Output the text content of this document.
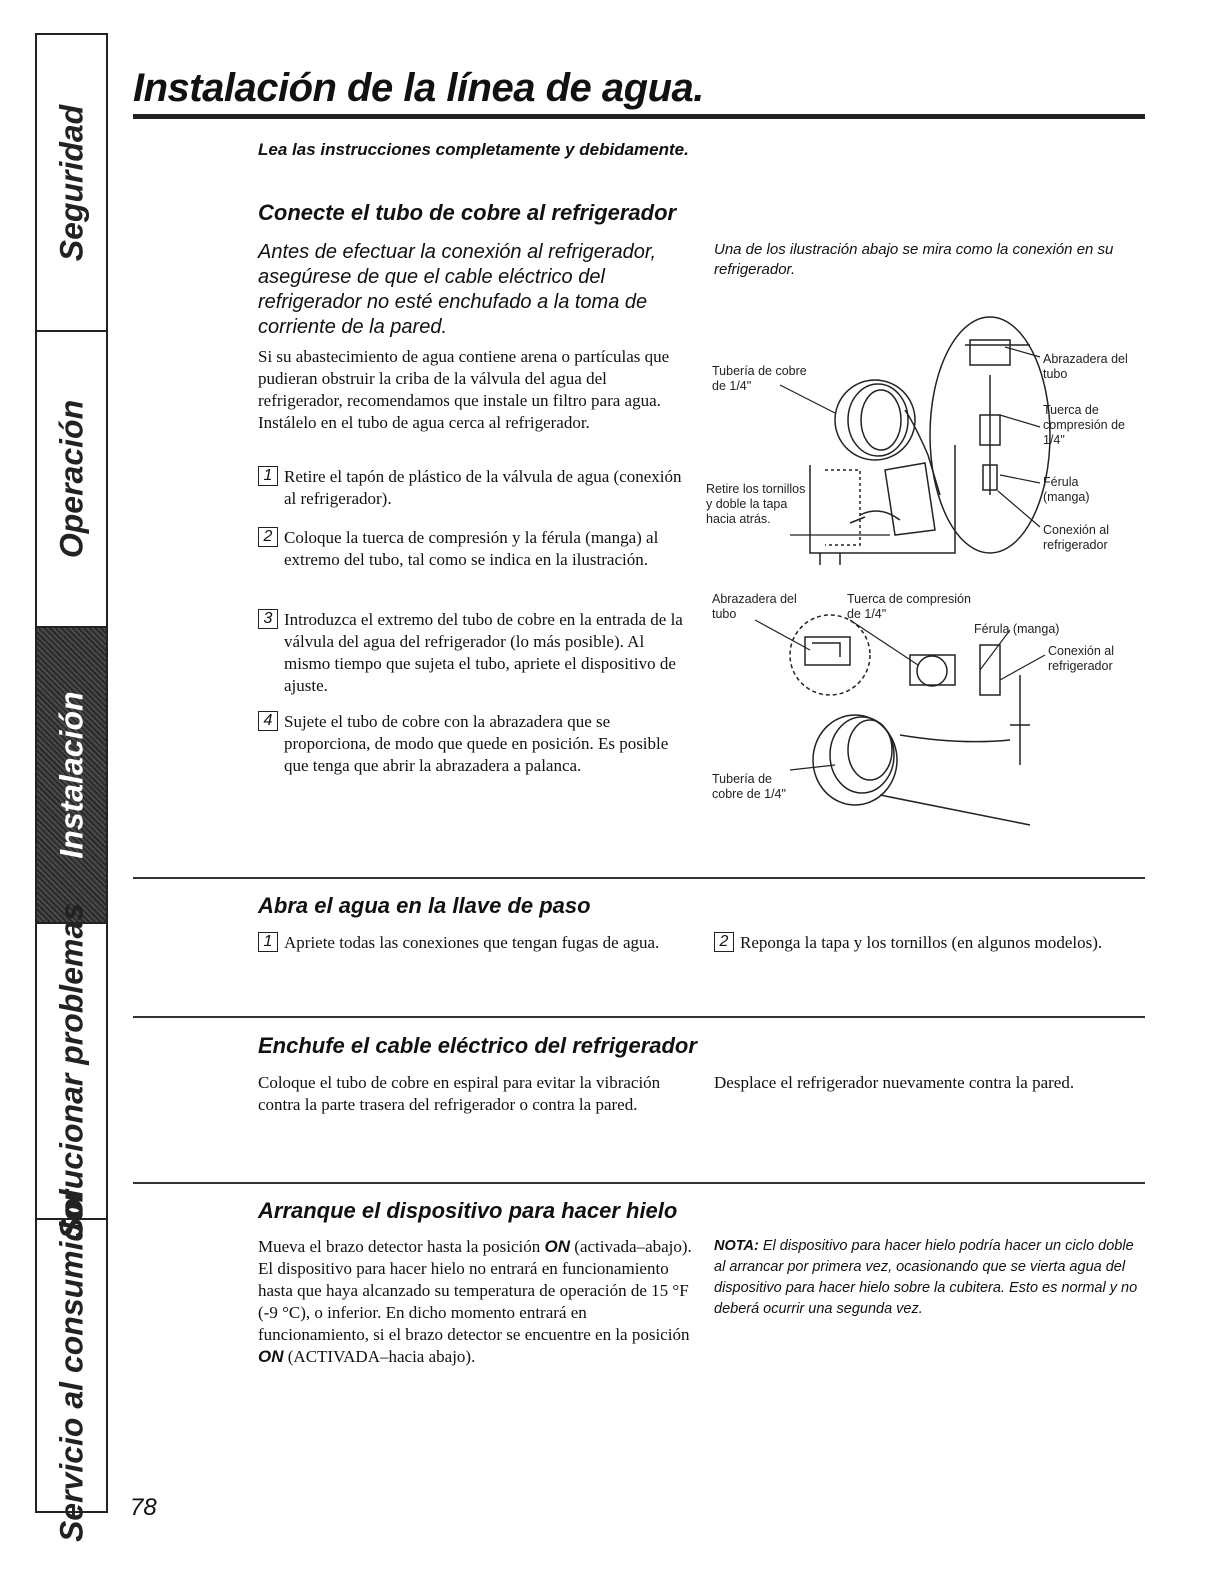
Seguridad
Operación
Instalación
Solucionar problemas
Servicio al consumidor
Instalación de la línea de agua.
Lea las instrucciones completamente y debidamente.
Conecte el tubo de cobre al refrigerador
Antes de efectuar la conexión al refrigerador, asegúrese de que el cable eléctrico del refrigerador no esté enchufado a la toma de corriente de la pared.
Si su abastecimiento de agua contiene arena o partículas que pudieran obstruir la criba de la válvula del agua del refrigerador, recomendamos que instale un filtro para agua. Instálelo en el tubo de agua cerca al refrigerador.
1 Retire el tapón de plástico de la válvula de agua (conexión al refrigerador).
2 Coloque la tuerca de compresión y la férula (manga) al extremo del tubo, tal como se indica en la ilustración.
3 Introduzca el extremo del tubo de cobre en la entrada de la válvula del agua del refrigerador (lo más posible). Al mismo tiempo que sujeta el tubo, apriete el dispositivo de ajuste.
4 Sujete el tubo de cobre con la abrazadera que se proporciona, de modo que quede en posición. Es posible que tenga que abrir la abrazadera a palanca.
Una de los ilustración abajo se mira como la conexión en su refrigerador.
Tubería de cobre de 1/4"
Retire los tornillos y doble la tapa hacia atrás.
Abrazadera del tubo
Tuerca de compresión de 1/4"
Férula (manga)
Conexión al refrigerador
Abrazadera del tubo
Tuerca de compresión de 1/4"
Férula (manga)
Conexión al refrigerador
Tubería de cobre de 1/4"
Abra el agua en la llave de paso
1 Apriete todas las conexiones que tengan fugas de agua.	2 Reponga la tapa y los tornillos (en algunos modelos).
Enchufe el cable eléctrico del refrigerador
Coloque el tubo de cobre en espiral para evitar la vibración contra la parte trasera del refrigerador o contra la pared.
Desplace el refrigerador nuevamente contra la pared.
Arranque el dispositivo para hacer hielo
Mueva el brazo detector hasta la posición ON (activada–abajo). El dispositivo para hacer hielo no entrará en funcionamiento hasta que haya alcanzado su temperatura de operación de 15 °F (-9 °C), o inferior. En dicho momento entrará en funcionamiento, si el brazo detector se encuentre en la posición ON (ACTIVADA–hacia abajo).
NOTA: El dispositivo para hacer hielo podría hacer un ciclo doble al arrancar por primera vez, ocasionando que se vierta agua del dispositivo para hacer hielo sobre la cubitera. Esto es normal y no deberá ocurrir una segunda vez.
78
